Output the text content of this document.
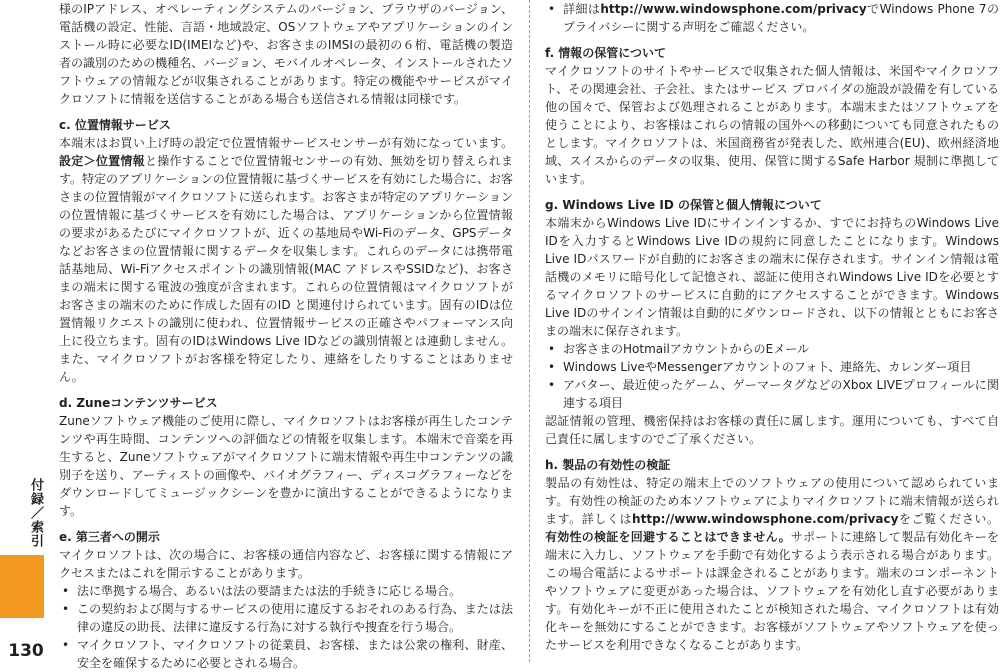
付録／索引
130

様のIPアドレス、オペレーティングシステムのバージョン、ブラウザのバージョン、電話機の設定、性能、言語・地域設定、OSソフトウェアやアプリケーションのインストール時に必要なID(IMEIなど)や、お客さまのIMSIの最初の６桁、電話機の製造者の識別のための機種名、バージョン、モバイルオペレータ、インストールされたソフトウェアの情報などが収集されることがあります。特定の機能やサービスがマイクロソフトに情報を送信することがある場合も送信される情報は同様です。

c. 位置情報サービス

本端末はお買い上げ時の設定で位置情報サービスセンサーが有効になっています。設定＞位置情報と操作することで位置情報センサーの有効、無効を切り替えられます。特定のアプリケーションの位置情報に基づくサービスを有効にした場合に、お客さまの位置情報がマイクロソフトに送られます。お客さまが特定のアプリケーションの位置情報に基づくサービスを有効にした場合は、アプリケーションから位置情報の要求があるたびにマイクロソフトが、近くの基地局やWi-Fiのデータ、GPSデータなどお客さまの位置情報に関するデータを収集します。これらのデータには携帯電話基地局、Wi-Fiアクセスポイントの識別情報(MAC アドレスやSSIDなど)、お客さまの端末に関する電波の強度が含まれます。これらの位置情報はマイクロソフトがお客さまの端末のために作成した固有のID と関連付けられています。固有のIDは位置情報リクエストの識別に使われ、位置情報サービスの正確さやパフォーマンス向上に役立ちます。固有のIDはWindows Live IDなどの識別情報とは連動しません。また、マイクロソフトがお客様を特定したり、連絡をしたりすることはありません。

d. Zuneコンテンツサービス

Zuneソフトウェア機能のご使用に際し、マイクロソフトはお客様が再生したコンテンツや再生時間、コンテンツへの評価などの情報を収集します。本端末で音楽を再生すると、Zuneソフトウェアがマイクロソフトに端末情報や再生中コンテンツの識別子を送り、アーティストの画像や、バイオグラフィー、ディスコグラフィーなどをダウンロードしてミュージックシーンを豊かに演出することができるようになります。

e. 第三者への開示

マイクロソフトは、次の場合に、お客様の通信内容など、お客様に関する情報にアクセスまたはこれを開示することがあります。

• 法に準拠する場合、あるいは法の要請または法的手続きに応じる場合。
• この契約および関与するサービスの使用に違反するおそれのある行為、または法律の違反の助長、法律に違反する行為に対する執行や捜査を行う場合。
• マイクロソフト、マイクロソフトの従業員、お客様、または公衆の権利、財産、安全を確保するために必要とされる場合。
• 詳細はhttp://www.windowsphone.com/privacyでWindows Phone 7のプライバシーに関する声明をご確認ください。

f. 情報の保管について

マイクロソフトのサイトやサービスで収集された個人情報は、米国やマイクロソフト、その関連会社、子会社、またはサービス プロバイダの施設が設備を有している他の国々で、保管および処理されることがあります。本端末またはソフトウェアを使うことにより、お客様はこれらの情報の国外への移動についても同意されたものとします。マイクロソフトは、米国商務省が発表した、欧州連合(EU)、欧州経済地域、スイスからのデータの収集、使用、保管に関するSafe Harbor 規制に準拠しています。

g. Windows Live ID の保管と個人情報について

本端末からWindows Live IDにサインインするか、すでにお持ちのWindows Live IDを入力するとWindows Live IDの規約に同意したことになります。Windows Live IDパスワードが自動的にお客さまの端末に保存されます。サインイン情報は電話機のメモリに暗号化して記憶され、認証に使用されWindows Live IDを必要とするマイクロソフトのサービスに自動的にアクセスすることができます。Windows Live IDのサインイン情報は自動的にダウンロードされ、以下の情報とともにお客さまの端末に保存されます。

• お客さまのHotmailアカウントからのEメール
• Windows LiveやMessengerアカウントのフォト、連絡先、カレンダー項目
• アバター、最近使ったゲーム、ゲーマータグなどのXbox LIVEプロフィールに関連する項目

認証情報の管理、機密保持はお客様の責任に属します。運用についても、すべて自己責任に属しますのでご了承ください。

h. 製品の有効性の検証

製品の有効性は、特定の端末上でのソフトウェアの使用について認められています。有効性の検証のため本ソフトウェアによりマイクロソフトに端末情報が送られます。詳しくはhttp://www.windowsphone.com/privacyをご覧ください。有効性の検証を回避することはできません。サポートに連絡して製品有効化キーを端末に入力し、ソフトウェアを手動で有効化するよう表示される場合があります。この場合電話によるサポートは課金されることがあります。端末のコンポーネントやソフトウェアに変更があった場合は、ソフトウェアを有効化し直す必要があります。有効化キーが不正に使用されたことが検知された場合、マイクロソフトは有効化キーを無効にすることができます。お客様がソフトウェアやソフトウェアを使ったサービスを利用できなくなることがあります。
